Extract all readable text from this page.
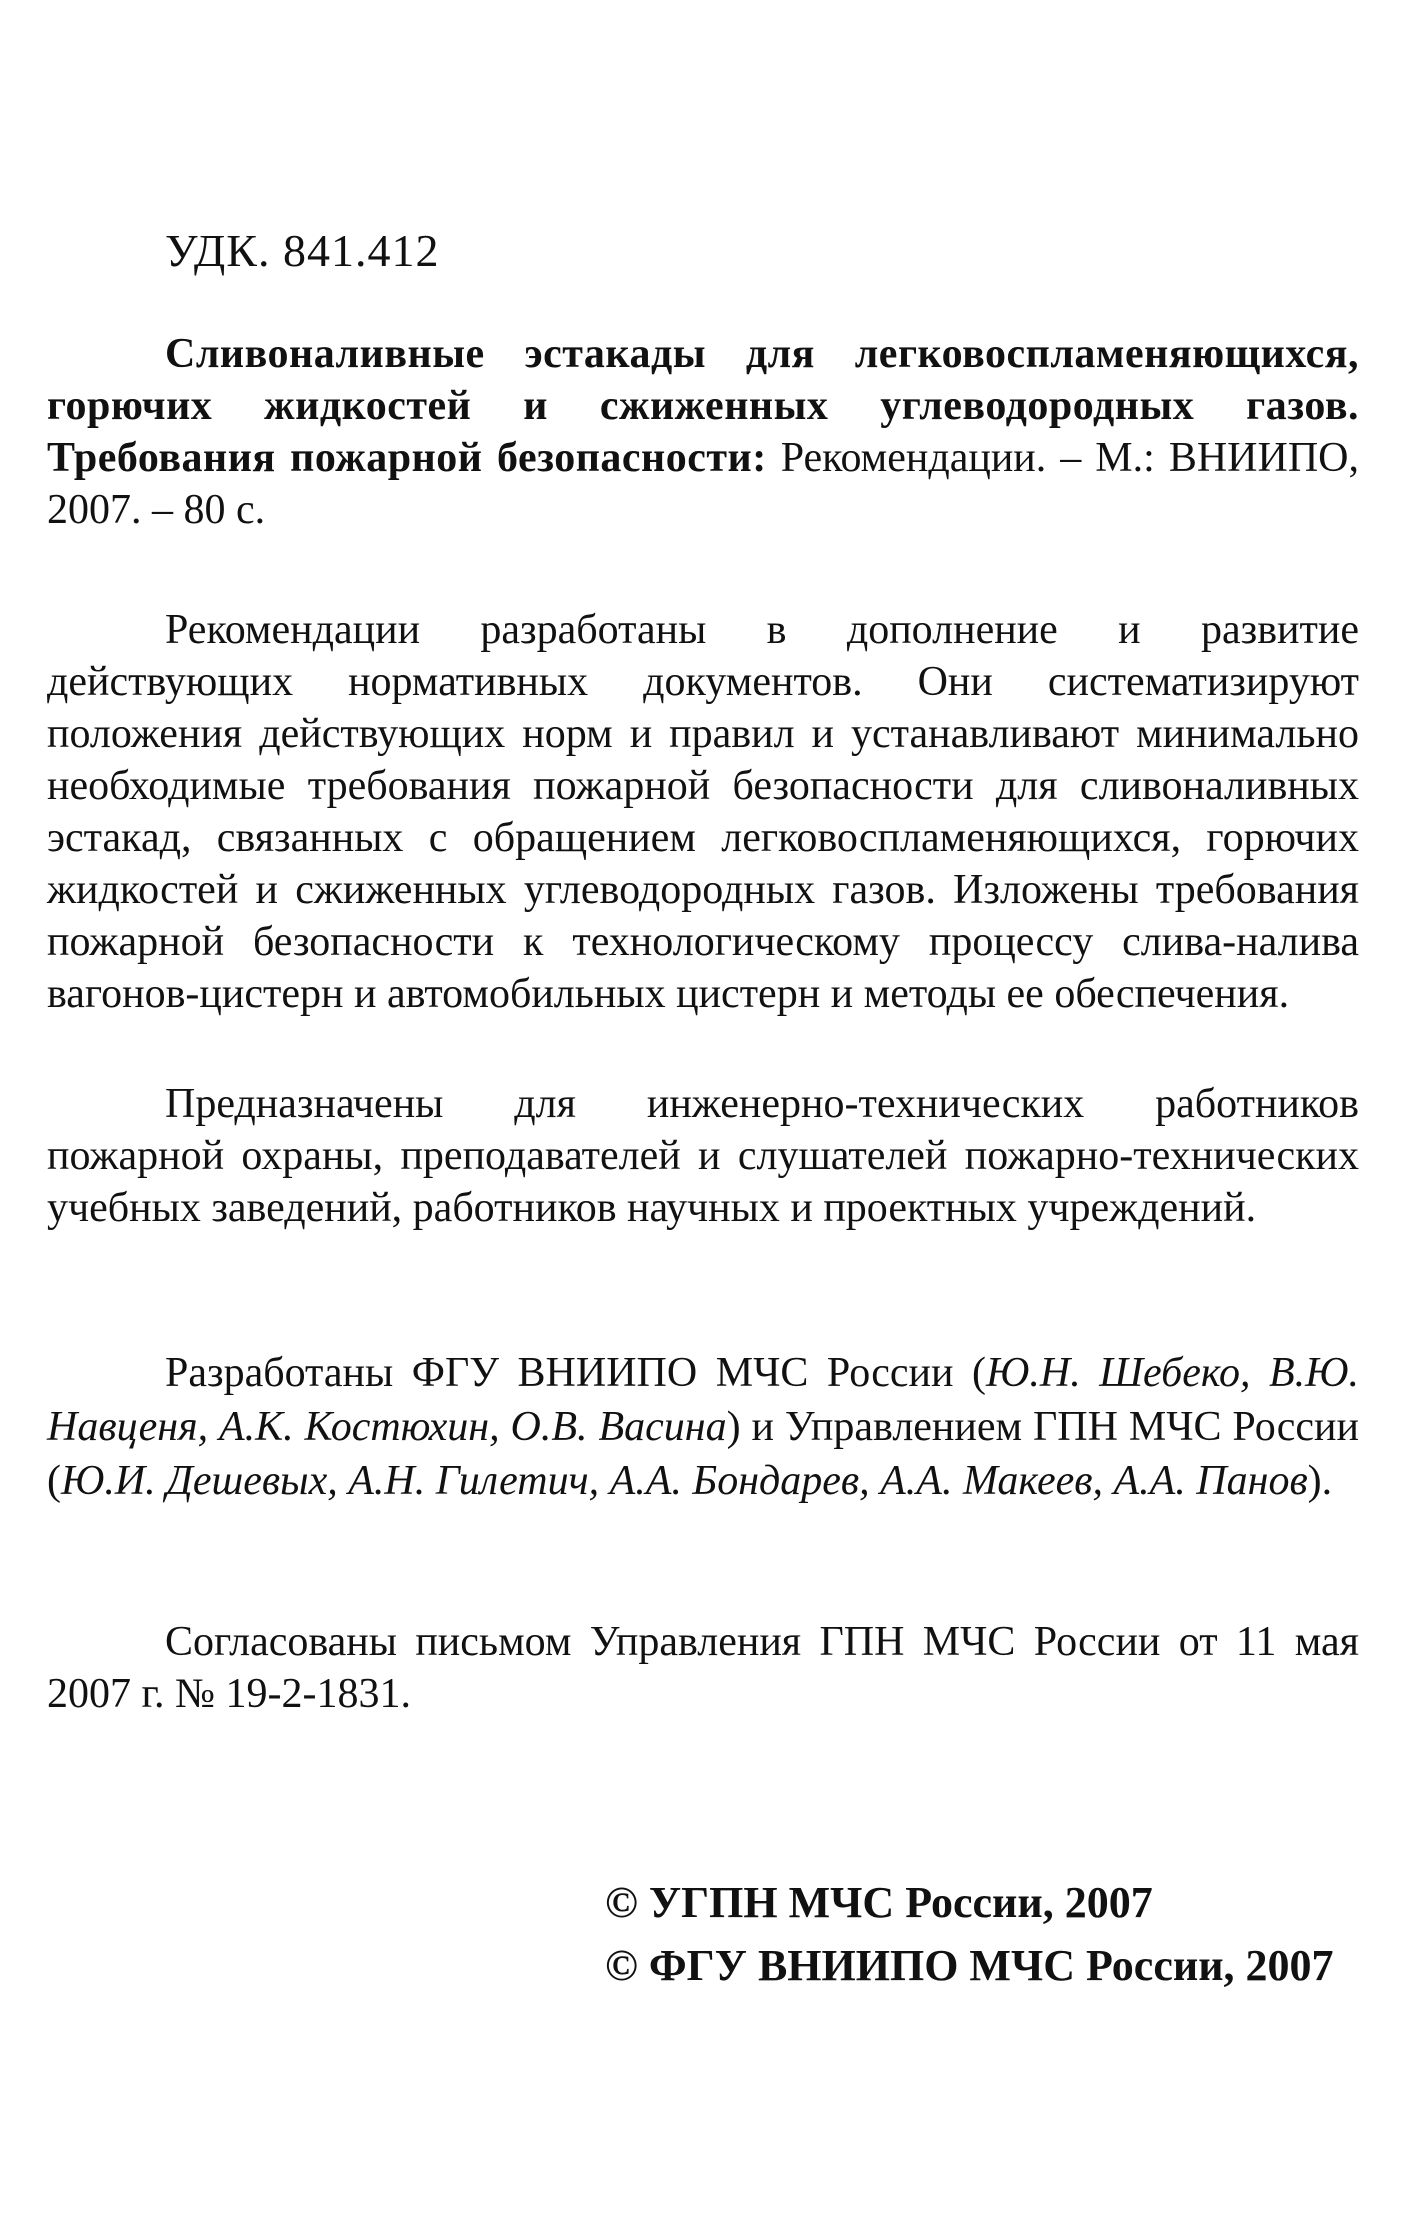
УДК. 841.412
Сливоналивные эстакады для легковоспламеняющихся, горючих жидкостей и сжиженных углеводородных газов. Требования пожарной безопасности: Рекомендации. – М.: ВНИИПО, 2007. – 80 с.
Рекомендации разработаны в дополнение и развитие действующих нормативных документов. Они систематизируют положения действующих норм и правил и устанавливают минимально необходимые требования пожарной безопасности для сливоналивных эстакад, связанных с обращением легковоспламеняющихся, горючих жидкостей и сжиженных углеводородных газов. Изложены требования пожарной безопасности к технологическому процессу слива-налива вагонов-цистерн и автомобильных цистерн и методы ее обеспечения.
Предназначены для инженерно-технических работников пожарной охраны, преподавателей и слушателей пожарно-технических учебных заведений, работников научных и проектных учреждений.
Разработаны ФГУ ВНИИПО МЧС России (Ю.Н. Шебеко, В.Ю. Навценя, А.К. Костюхин, О.В. Васина) и Управлением ГПН МЧС России (Ю.И. Дешевых, А.Н. Гилетич, А.А. Бондарев, А.А. Макеев, А.А. Панов).
Согласованы письмом Управления ГПН МЧС России от 11 мая 2007 г. № 19-2-1831.
© УГПН МЧС России, 2007
© ФГУ ВНИИПО МЧС России, 2007
